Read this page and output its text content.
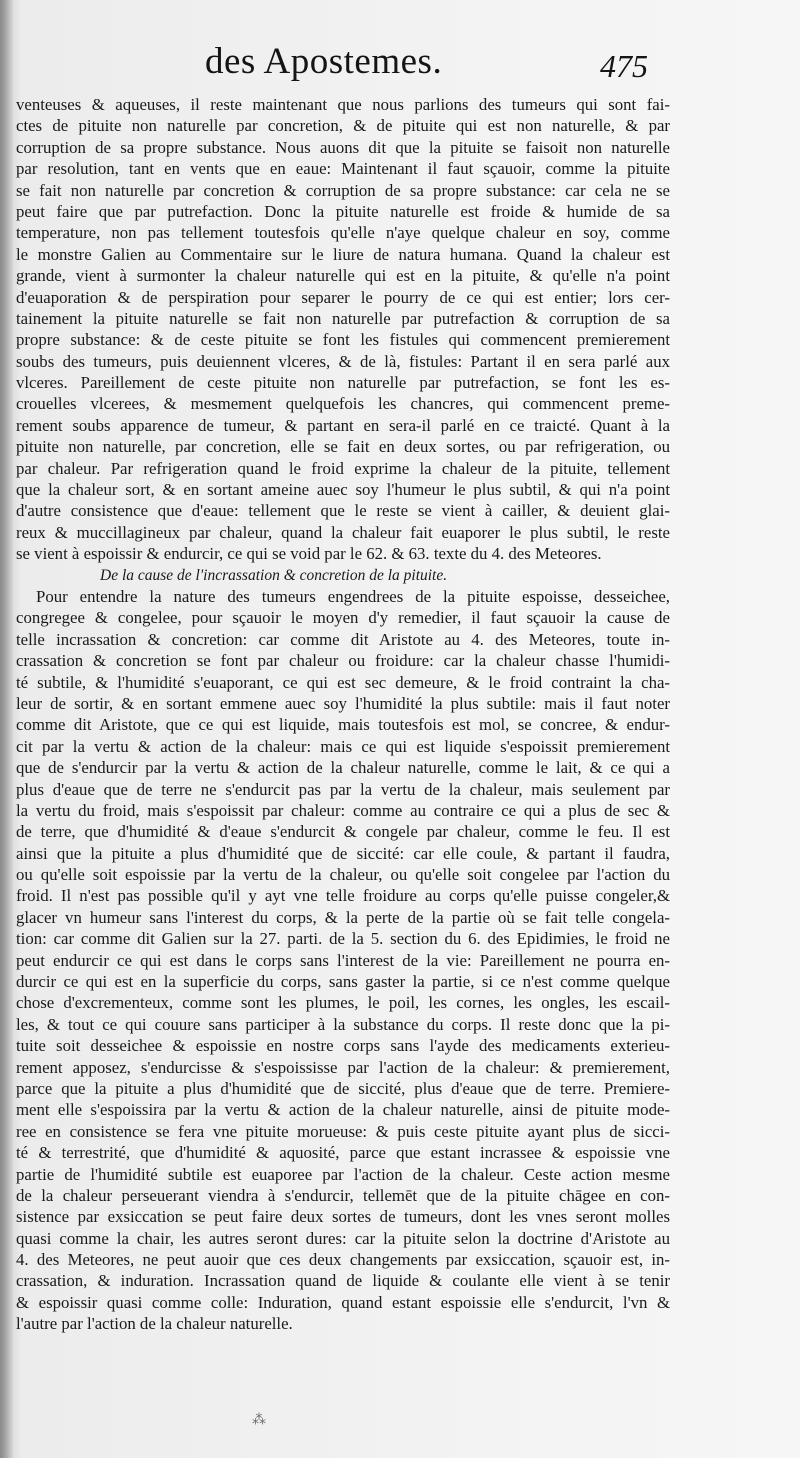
des Apostemes.	475
venteuses & aqueuses, il reste maintenant que nous parlions des tumeurs qui sont fai-
ctes de pituite non naturelle par concretion, & de pituite qui est non naturelle, & par
corruption de sa propre substance. Nous auons dit que la pituite se faisoit non naturelle
par resolution, tant en vents que en eaue: Maintenant il faut sçauoir, comme la pituite
se fait non naturelle par concretion & corruption de sa propre substance: car cela ne se
peut faire que par putrefaction. Donc la pituite naturelle est froide & humide de sa
temperature, non pas tellement toutesfois qu'elle n'aye quelque chaleur en soy, comme
le monstre Galien au Commentaire sur le liure de natura humana. Quand la chaleur est
grande, vient à surmonter la chaleur naturelle qui est en la pituite, & qu'elle n'a point
d'euaporation & de perspiration pour separer le pourry de ce qui est entier; lors cer-
tainement la pituite naturelle se fait non naturelle par putrefaction & corruption de sa
propre substance: & de ceste pituite se font les fistules qui commencent premierement
soubs des tumeurs, puis deuiennent vlceres, & de là, fistules: Partant il en sera parlé aux
vlceres. Pareillement de ceste pituite non naturelle par putrefaction, se font les es-
crouelles vlcerees, & mesmement quelquefois les chancres, qui commencent preme-
rement soubs apparence de tumeur, & partant en sera-il parlé en ce traicté. Quant à la
pituite non naturelle, par concretion, elle se fait en deux sortes, ou par refrigeration, ou
par chaleur. Par refrigeration quand le froid exprime la chaleur de la pituite, tellement
que la chaleur sort, & en sortant ameine auec soy l'humeur le plus subtil, & qui n'a point
d'autre consistence que d'eaue: tellement que le reste se vient à cailler, & deuient glai-
reux & muccillagineux par chaleur, quand la chaleur fait euaporer le plus subtil, le reste
se vient à espoissir & endurcir, ce qui se void par le 62. & 63. texte du 4. des Meteores.
De la cause de l'incrassation & concretion de la pituite.
Pour entendre la nature des tumeurs engendrees de la pituite espoisse, desseichee,
congregee & congelee, pour sçauoir le moyen d'y remedier, il faut sçauoir la cause de
telle incrassation & concretion: car comme dit Aristote au 4. des Meteores, toute in-
crassation & concretion se font par chaleur ou froidure: car la chaleur chasse l'humidi-
té subtile, & l'humidité s'euaporant, ce qui est sec demeure, & le froid contraint la cha-
leur de sortir, & en sortant emmene auec soy l'humidité la plus subtile: mais il faut noter
comme dit Aristote, que ce qui est liquide, mais toutesfois est mol, se concree, & endur-
cit par la vertu & action de la chaleur: mais ce qui est liquide s'espoissit premierement
que de s'endurcir par la vertu & action de la chaleur naturelle, comme le lait, & ce qui a
plus d'eaue que de terre ne s'endurcit pas par la vertu de la chaleur, mais seulement par
la vertu du froid, mais s'espoissit par chaleur: comme au contraire ce qui a plus de sec &
de terre, que d'humidité & d'eaue s'endurcit & congele par chaleur, comme le feu. Il est
ainsi que la pituite a plus d'humidité que de siccité: car elle coule, & partant il faudra,
ou qu'elle soit espoissie par la vertu de la chaleur, ou qu'elle soit congelee par l'action du
froid. Il n'est pas possible qu'il y ayt vne telle froidure au corps qu'elle puisse congeler,&
glacer vn humeur sans l'interest du corps, & la perte de la partie où se fait telle congela-
tion: car comme dit Galien sur la 27. parti. de la 5. section du 6. des Epidimies, le froid ne
peut endurcir ce qui est dans le corps sans l'interest de la vie: Pareillement ne pourra en-
durcir ce qui est en la superficie du corps, sans gaster la partie, si ce n'est comme quelque
chose d'excrementeux, comme sont les plumes, le poil, les cornes, les ongles, les escail-
les, & tout ce qui couure sans participer à la substance du corps. Il reste donc que la pi-
tuite soit desseichee & espoissie en nostre corps sans l'ayde des medicaments exterieu-
rement apposez, s'endurcisse & s'espoississe par l'action de la chaleur: & premierement,
parce que la pituite a plus d'humidité que de siccité, plus d'eaue que de terre. Premiere-
ment elle s'espoissira par la vertu & action de la chaleur naturelle, ainsi de pituite mode-
ree en consistence se fera vne pituite morueuse: & puis ceste pituite ayant plus de sicci-
té & terrestrité, que d'humidité & aquosité, parce que estant incrassee & espoissie vne
partie de l'humidité subtile est euaporee par l'action de la chaleur. Ceste action mesme
de la chaleur perseuerant viendra à s'endurcir, tellemēt que de la pituite chāgee en con-
sistence par exsiccation se peut faire deux sortes de tumeurs, dont les vnes seront molles
quasi comme la chair, les autres seront dures: car la pituite selon la doctrine d'Aristote au
4. des Meteores, ne peut auoir que ces deux changements par exsiccation, sçauoir est, in-
crassation, & induration. Incrassation quand de liquide & coulante elle vient à se tenir
& espoissir quasi comme colle: Induration, quand estant espoissie elle s'endurcit, l'vn &
l'autre par l'action de la chaleur naturelle.
⁂
